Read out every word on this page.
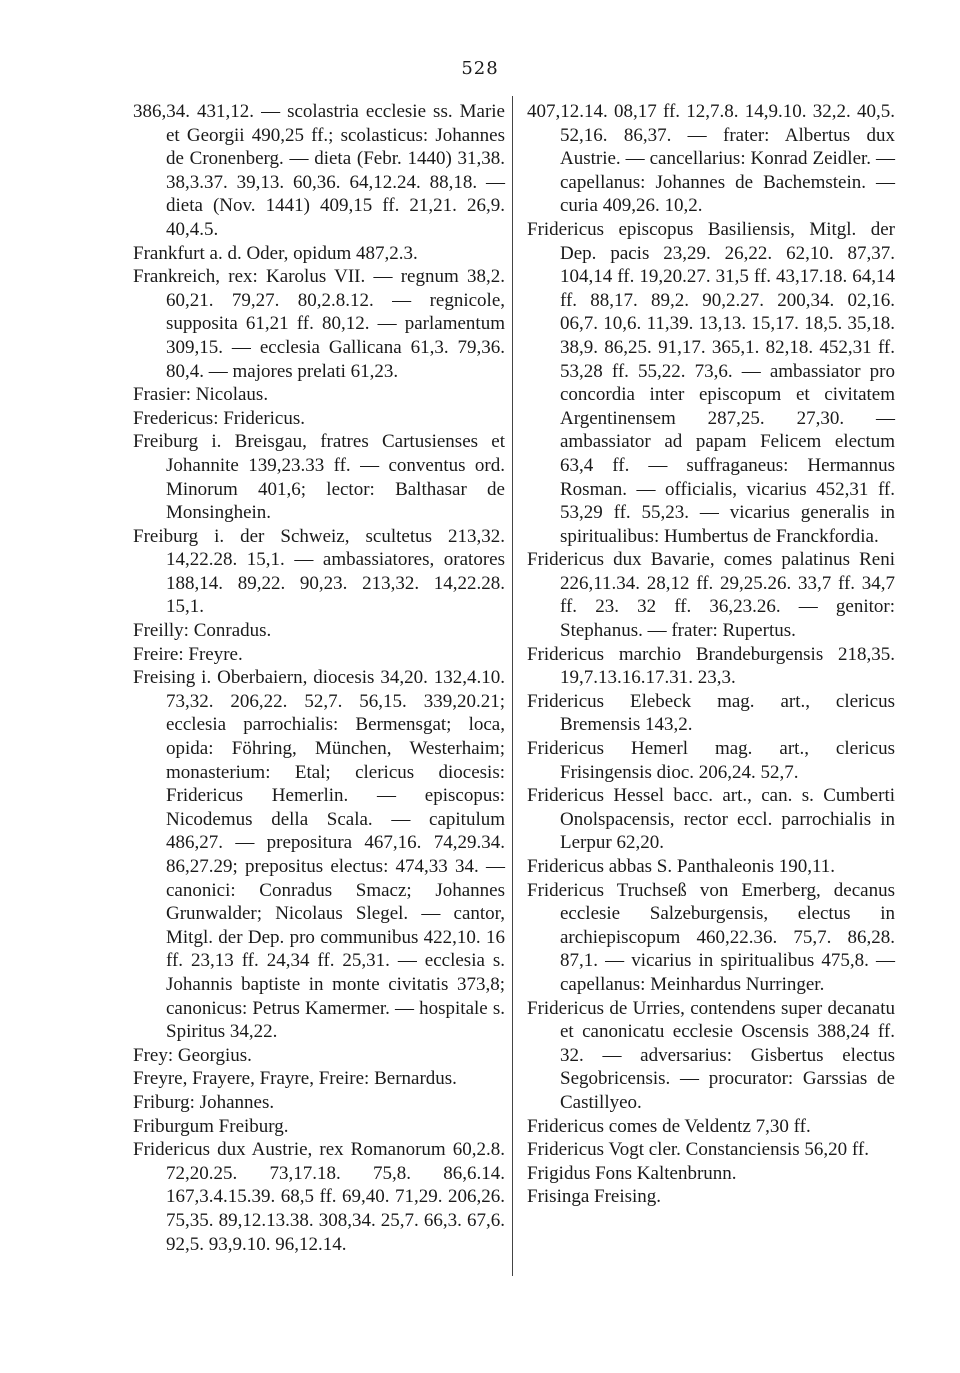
528

386,34. 431,12. — scolastria ecclesie ss. Marie et Georgii 490,25 ff.; scolasticus: Johannes de Cronenberg. — dieta (Febr. 1440) 31,38. 38,3.37. 39,13. 60,36. 64,12.24. 88,18. — dieta (Nov. 1441) 409,15 ff. 21,21. 26,9. 40,4.5.

Frankfurt a. d. Oder, opidum 487,2.3.

Frankreich, rex: Karolus VII. — regnum 38,2. 60,21. 79,27. 80,2.8.12. — regnicole, supposita 61,21 ff. 80,12. — parlamentum 309,15. — ecclesia Gallicana 61,3. 79,36. 80,4. — majores prelati 61,23.

Frasier: Nicolaus.

Fredericus: Fridericus.

Freiburg i. Breisgau, fratres Cartusienses et Johannite 139,23.33 ff. — conventus ord. Minorum 401,6; lector: Balthasar de Monsinghein.

Freiburg i. der Schweiz, scultetus 213,32. 14,22.28. 15,1. — ambassiatores, oratores 188,14. 89,22. 90,23. 213,32. 14,22.28. 15,1.

Freilly: Conradus.

Freire: Freyre.

Freising i. Oberbaiern, diocesis 34,20. 132,4.10. 73,32. 206,22. 52,7. 56,15. 339,20.21; ecclesia parrochialis: Bermensgat; loca, opida: Föhring, München, Westerhaim; monasterium: Etal; clericus diocesis: Fridericus Hemerlin. — episcopus: Nicodemus della Scala. — capitulum 486,27. — prepositura 467,16. 74,29.34. 86,27.29; prepositus electus: 474,33 34. — canonici: Conradus Smacz; Johannes Grunwalder; Nicolaus Slegel. — cantor, Mitgl. der Dep. pro communibus 422,10. 16 ff. 23,13 ff. 24,34 ff. 25,31. — ecclesia s. Johannis baptiste in monte civitatis 373,8; canonicus: Petrus Kamermer. — hospitale s. Spiritus 34,22.

Frey: Georgius.

Freyre, Frayere, Frayre, Freire: Bernardus.

Friburg: Johannes.

Friburgum Freiburg.

Fridericus dux Austrie, rex Romanorum 60,2.8. 72,20.25. 73,17.18. 75,8. 86,6.14. 167,3.4.15.39. 68,5 ff. 69,40. 71,29. 206,26. 75,35. 89,12.13.38. 308,34. 25,7. 66,3. 67,6. 92,5. 93,9.10. 96,12.14.

407,12.14. 08,17 ff. 12,7.8. 14,9.10. 32,2. 40,5. 52,16. 86,37. — frater: Albertus dux Austrie. — cancellarius: Konrad Zeidler. — capellanus: Johannes de Bachemstein. — curia 409,26. 10,2.

Fridericus episcopus Basiliensis, Mitgl. der Dep. pacis 23,29. 26,22. 62,10. 87,37. 104,14 ff. 19,20.27. 31,5 ff. 43,17.18. 64,14 ff. 88,17. 89,2. 90,2.27. 200,34. 02,16. 06,7. 10,6. 11,39. 13,13. 15,17. 18,5. 35,18. 38,9. 86,25. 91,17. 365,1. 82,18. 452,31 ff. 53,28 ff. 55,22. 73,6. — ambassiator pro concordia inter episcopum et civitatem Argentinensem 287,25. 27,30. — ambassiator ad papam Felicem electum 63,4 ff. — suffraganeus: Hermannus Rosman. — officialis, vicarius 452,31 ff. 53,29 ff. 55,23. — vicarius generalis in spiritualibus: Humbertus de Franckfordia.

Fridericus dux Bavarie, comes palatinus Reni 226,11.34. 28,12 ff. 29,25.26. 33,7 ff. 34,7 ff. 23. 32 ff. 36,23.26. — genitor: Stephanus. — frater: Rupertus.

Fridericus marchio Brandeburgensis 218,35. 19,7.13.16.17.31. 23,3.

Fridericus Elebeck mag. art., clericus Bremensis 143,2.

Fridericus Hemerl mag. art., clericus Frisingensis dioc. 206,24. 52,7.

Fridericus Hessel bacc. art., can. s. Cumberti Onolspacensis, rector eccl. parrochialis in Lerpur 62,20.

Fridericus abbas S. Panthaleonis 190,11.

Fridericus Truchseß von Emerberg, decanus ecclesie Salzeburgensis, electus in archiepiscopum 460,22.36. 75,7. 86,28. 87,1. — vicarius in spiritualibus 475,8. — capellanus: Meinhardus Nurringer.

Fridericus de Urries, contendens super decanatu et canonicatu ecclesie Oscensis 388,24 ff. 32. — adversarius: Gisbertus electus Segobricensis. — procurator: Garssias de Castillyeo.

Fridericus comes de Veldentz 7,30 ff.

Fridericus Vogt cler. Constanciensis 56,20 ff.

Frigidus Fons Kaltenbrunn.

Frisinga Freising.
